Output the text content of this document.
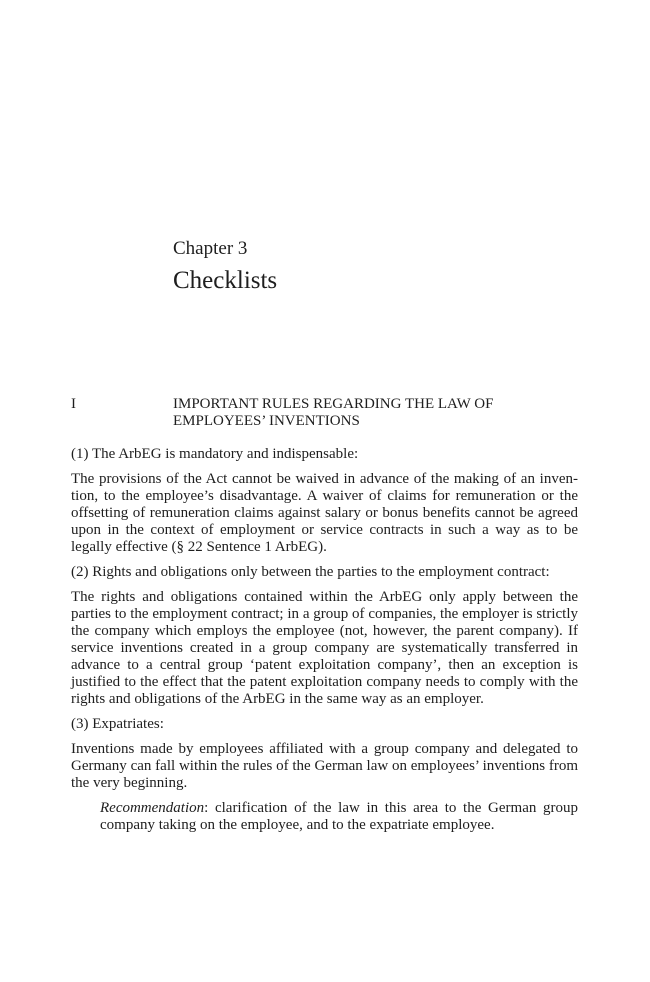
Chapter 3
Checklists
I	IMPORTANT RULES REGARDING THE LAW OF
EMPLOYEES’ INVENTIONS

(1) The ArbEG is mandatory and indispensable:

The provisions of the Act cannot be waived in advance of the making of an invention, to the employee’s disadvantage. A waiver of claims for remuneration or the offsetting of remuneration claims against salary or bonus benefits cannot be agreed upon in the context of employment or service contracts in such a way as to be legally effective (§ 22 Sentence 1 ArbEG).

(2) Rights and obligations only between the parties to the employment contract:

The rights and obligations contained within the ArbEG only apply between the parties to the employment contract; in a group of companies, the employer is strictly the company which employs the employee (not, however, the parent company). If service inventions created in a group company are systematically transferred in advance to a central group ‘patent exploitation company’, then an exception is justified to the effect that the patent exploitation company needs to comply with the rights and obligations of the ArbEG in the same way as an employer.

(3) Expatriates:

Inventions made by employees affiliated with a group company and delegated to Germany can fall within the rules of the German law on employees’ inventions from the very beginning.

Recommendation: clarification of the law in this area to the German group company taking on the employee, and to the expatriate employee.
